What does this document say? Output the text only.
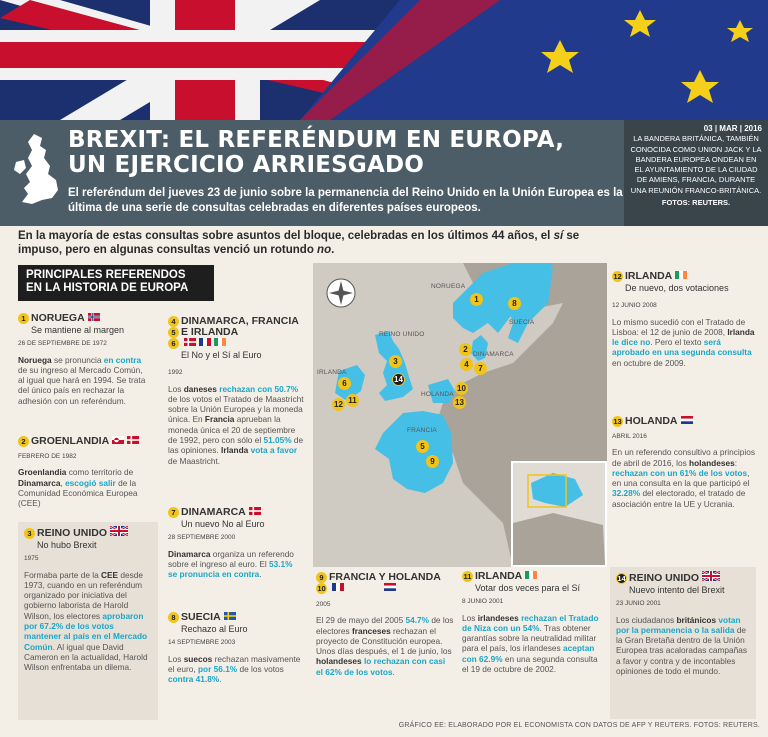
BREXIT: EL REFERÉNDUM EN EUROPA,
UN EJERCICIO ARRIESGADO
El referéndum del jueves 23 de junio sobre la permanencia del Reino Unido en la Unión Europea es la última de una serie de consultas celebradas en diferentes países europeos.
03 | MAR | 2016
LA BANDERA BRITÁNICA, TAMBIÉN CONOCIDA COMO UNION JACK Y LA BANDERA EUROPEA ONDEAN EN EL AYUNTAMIENTO DE LA CIUDAD DE AMIENS, FRANCIA, DURANTE UNA REUNIÓN FRANCO-BRITÁNICA.
FOTOS: REUTERS.
En la mayoría de estas consultas sobre asuntos del bloque, celebradas en los últimos 44 años, el sí se impuso, pero en algunas consultas venció un rotundo no.
PRINCIPALES REFERENDOS
EN LA HISTORIA DE EUROPA
1 NORUEGA
Se mantiene al margen
26 DE SEPTIEMBRE DE 1972
Noruega se pronuncia en contra de su ingreso al Mercado Común, al igual que hará en 1994. Se trata del único país en rechazar la adhesión con un referéndum.
2 GROENLANDIA
FEBRERO DE 1982
Groenlandia como territorio de Dinamarca, escogió salir de la Comunidad Económica Europea (CEE)
3 REINO UNIDO
No hubo Brexit
1975
Formaba parte de la CEE desde 1973, cuando en un referéndum organizado por iniciativa del gobierno laborista de Harold Wilson, los electores aprobaron por 67.2% de los votos mantener al país en el Mercado Común. Al igual que David Cameron en la actualidad, Harold Wilson enfrentaba un dilema.
4 DINAMARCA, FRANCIA
5 E IRLANDA
6
El No y el Sí al Euro
1992
Los daneses rechazan con 50.7% de los votos el Tratado de Maastricht sobre la Unión Europea y la moneda única. En Francia aprueban la moneda única el 20 de septiembre de 1992, pero con sólo el 51.05% de las opiniones. Irlanda vota a favor de Maastricht.
7 DINAMARCA
Un nuevo No al Euro
28 SEPTIEMBRE 2000
Dinamarca organiza un referendo sobre el ingreso al euro. El 53.1% se pronuncia en contra.
8 SUECIA
Rechazo al Euro
14 SEPTIEMBRE 2003
Los suecos rechazan masivamente el euro, por 56.1% de los votos contra 41.8%.
NORUEGA
SUECIA
REINO UNIDO
DINAMARCA
IRLANDA
HOLANDA
FRANCIA
1	8
3
2
4	7
14
6
11
12
10
13
5
9
9 FRANCIA Y HOLANDA
10
2005
El 29 de mayo del 2005 54.7% de los electores franceses rechazan el proyecto de Constitución europea. Unos días después, el 1 de junio, los holandeses lo rechazan con casi el 62% de los votos.
11 IRLANDA
Votar dos veces para el Sí
8 JUNIO 2001
Los irlandeses rechazan el Tratado de Niza con un 54%. Tras obtener garantías sobre la neutralidad militar para el país, los irlandeses aceptan con 62.9% en una segunda consulta el 19 de octubre de 2002.
12 IRLANDA
De nuevo, dos votaciones
12 JUNIO 2008
Lo mismo sucedió con el Tratado de Lisboa: el 12 de junio de 2008, Irlanda le dice no. Pero el texto será aprobado en una segunda consulta en octubre de 2009.
13 HOLANDA
ABRIL 2016
En un referendo consultivo a principios de abril de 2016, los holandeses: rechazan con un 61% de los votos, en una consulta en la que participó el 32.28% del electorado, el tratado de asociación entre la UE y Ucrania.
14 REINO UNIDO
Nuevo intento del Brexit
23 JUNIO 2001
Los ciudadanos británicos votan por la permanencia o la salida de la Gran Bretaña dentro de la Unión Europea tras acaloradas campañas a favor y contra y de incontables opiniones de todo el mundo.
GRÁFICO EE: ELABORADO POR EL ECONOMISTA CON DATOS DE AFP Y REUTERS. FOTOS: REUTERS.
